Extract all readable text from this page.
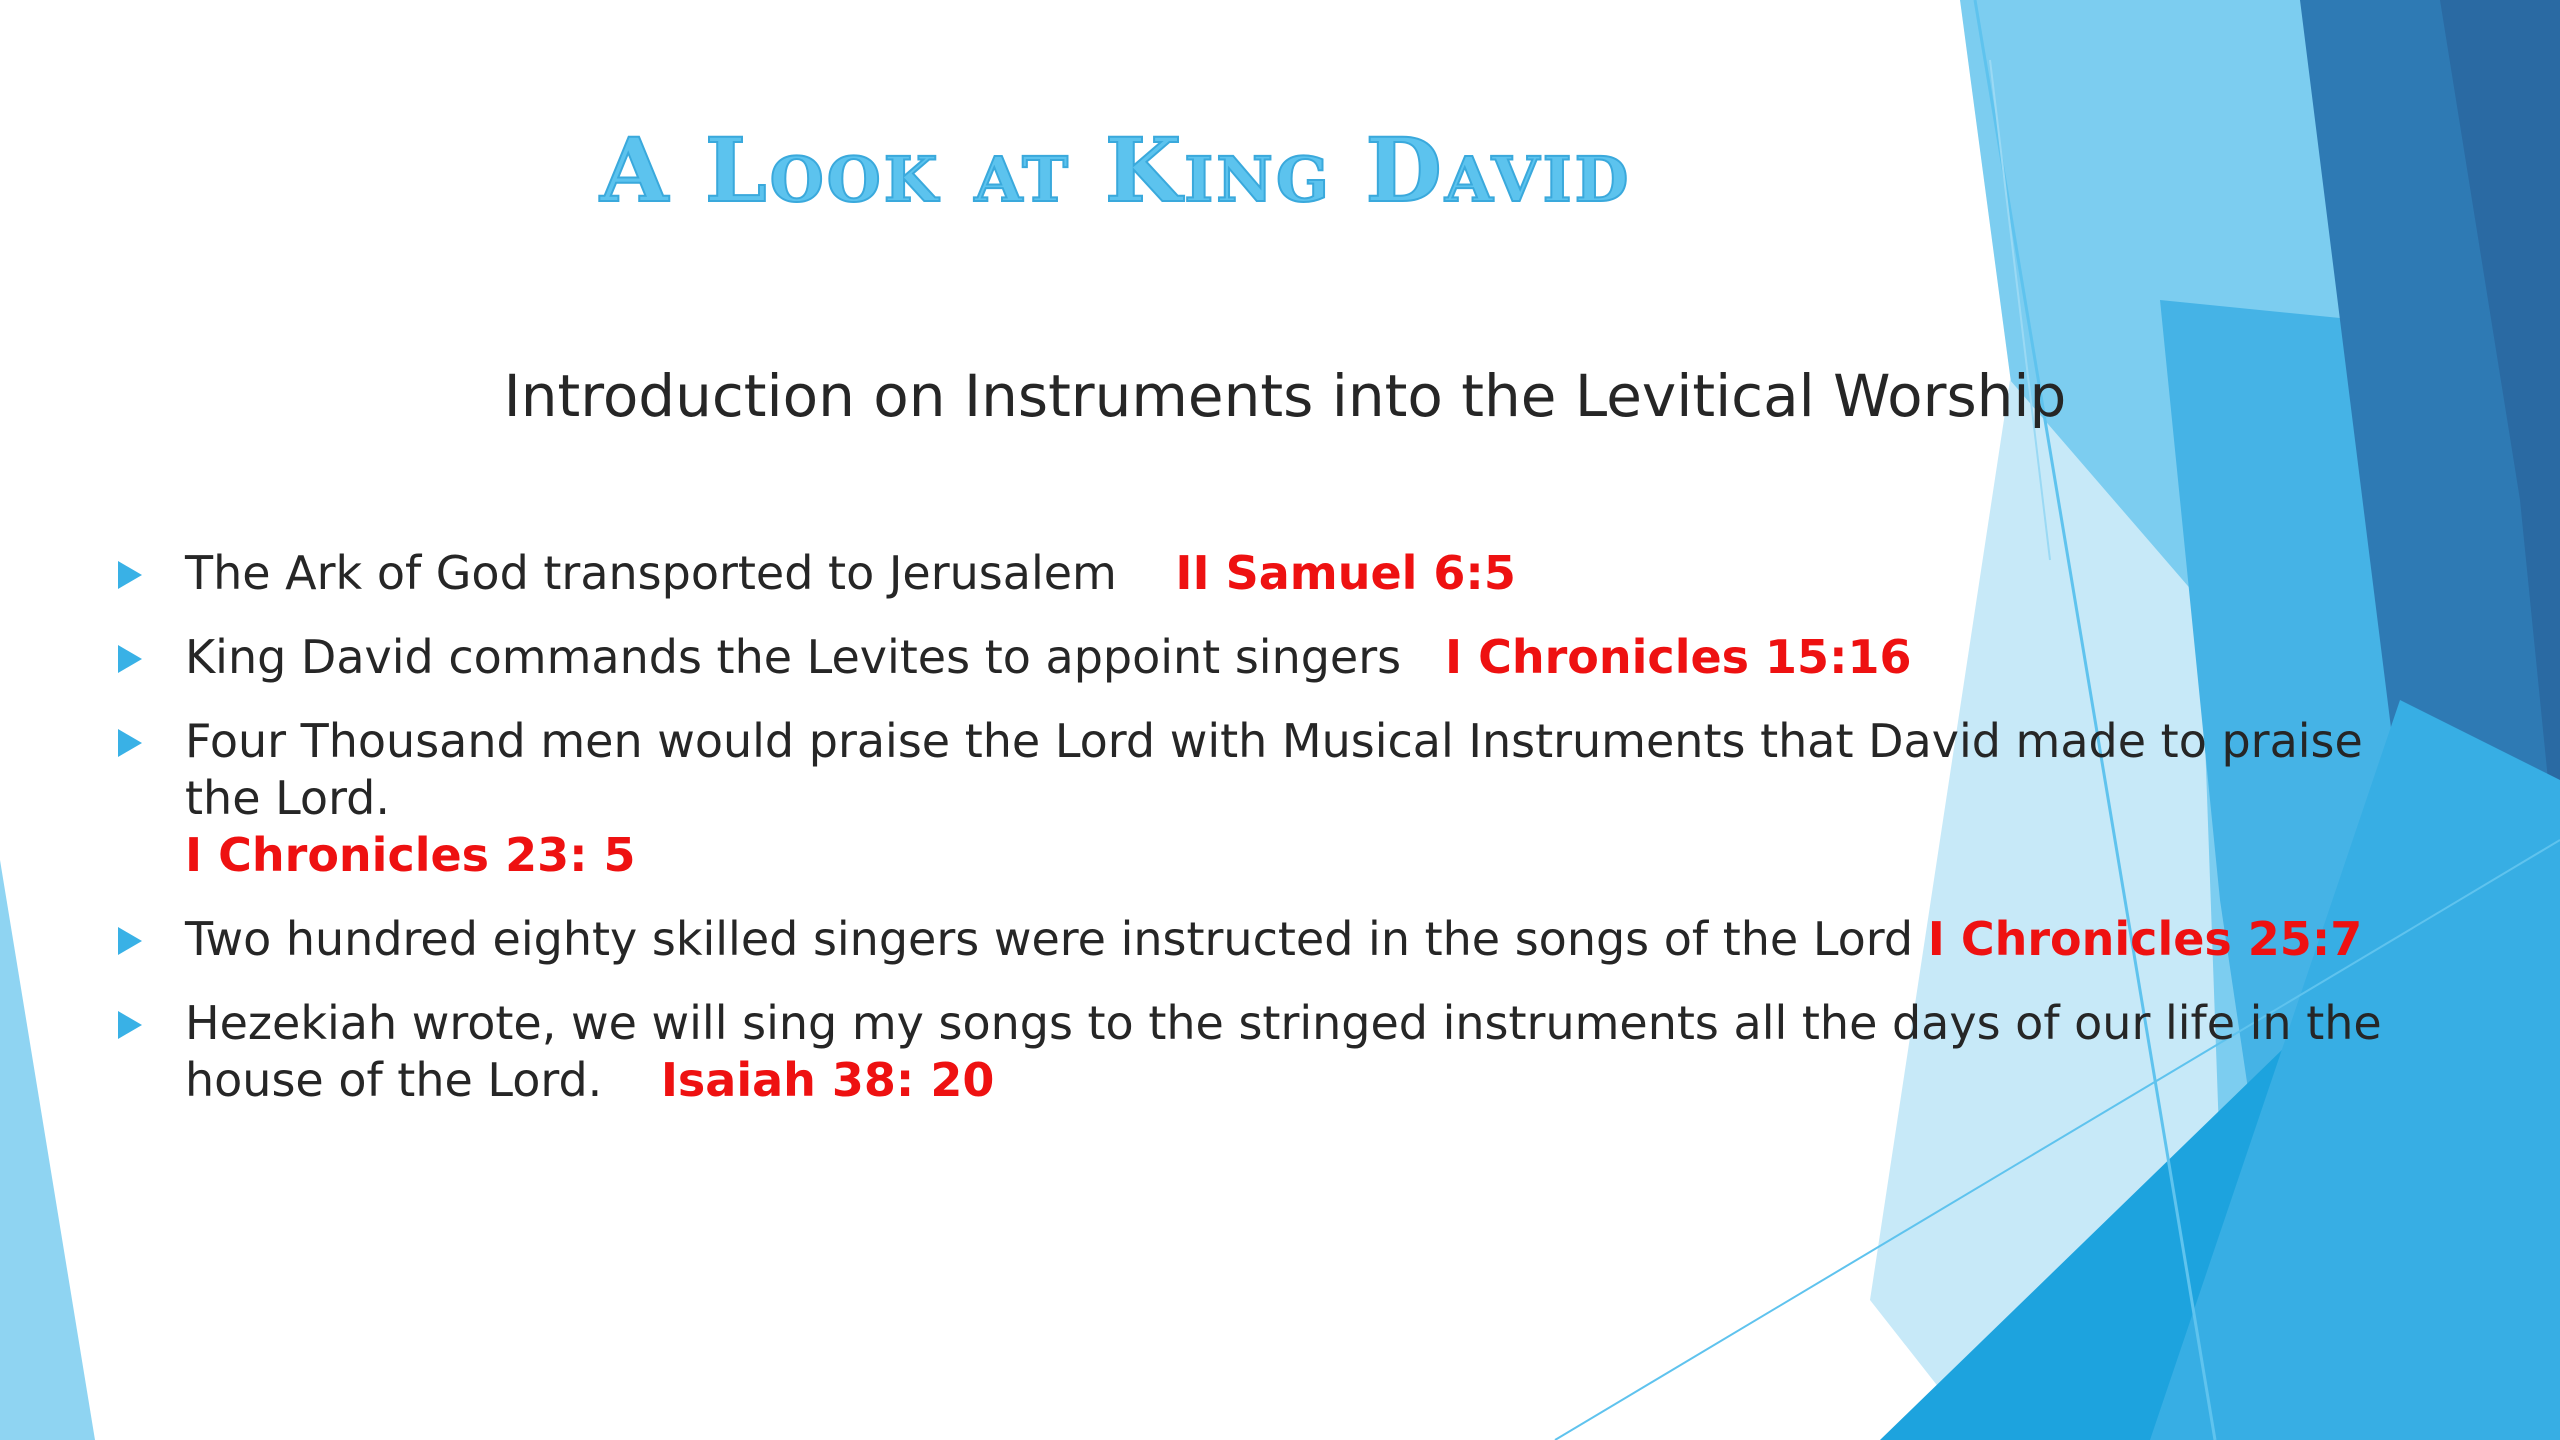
A Look at King David
Introduction on Instruments into the Levitical Worship
The Ark of God transported to Jerusalem II Samuel 6:5
King David commands the Levites to appoint singers I Chronicles 15:16
Four Thousand men would praise the Lord with Musical Instruments that David made to praise the Lord.
I Chronicles 23: 5
Two hundred eighty skilled singers were instructed in the songs of the Lord I Chronicles 25:7
Hezekiah wrote, we will sing my songs to the stringed instruments all the days of our life in the house of the Lord. Isaiah 38: 20
